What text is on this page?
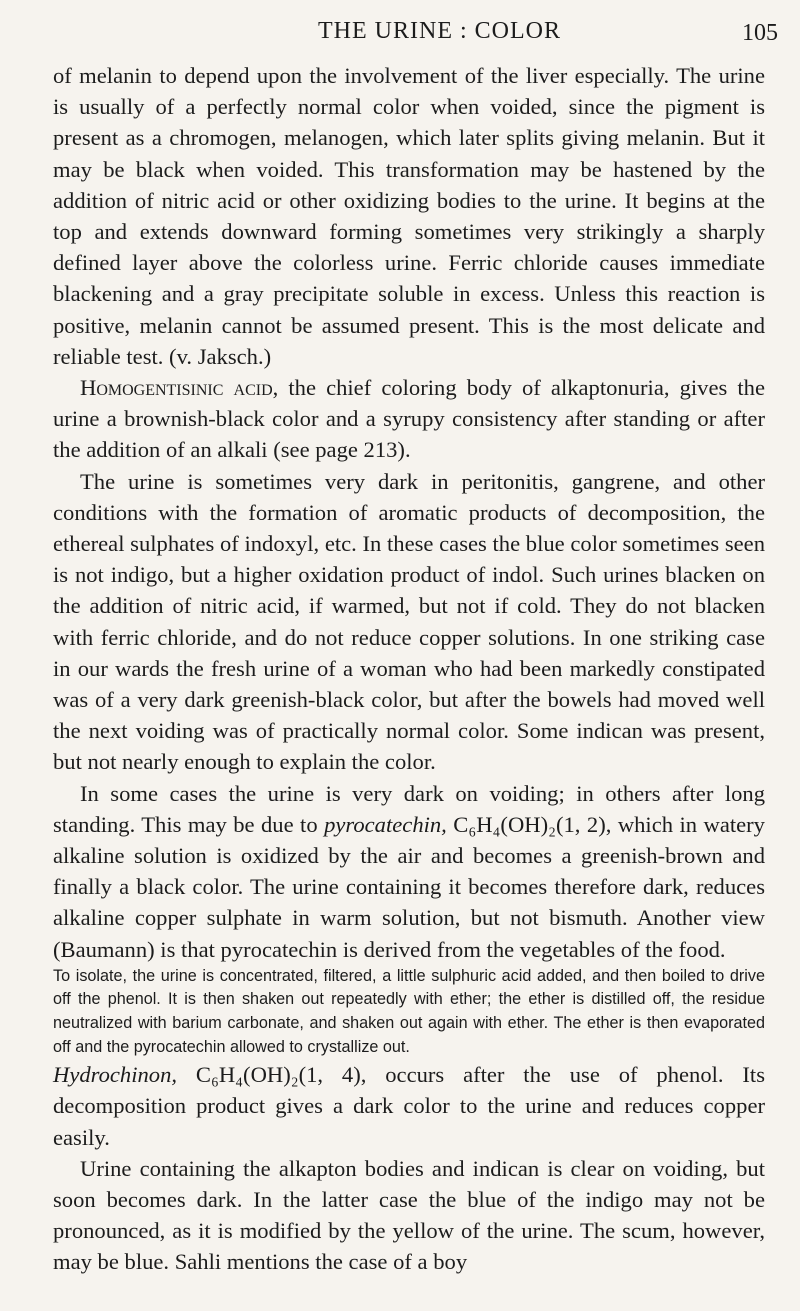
THE URINE : COLOR	105

of melanin to depend upon the involvement of the liver especially. The urine is usually of a perfectly normal color when voided, since the pigment is present as a chromogen, melanogen, which later splits giving melanin. But it may be black when voided. This transformation may be hastened by the addition of nitric acid or other oxidizing bodies to the urine. It begins at the top and extends downward forming sometimes very strikingly a sharply defined layer above the colorless urine. Ferric chloride causes immediate blackening and a gray precipitate soluble in excess. Unless this reaction is positive, melanin cannot be assumed present. This is the most delicate and reliable test. (v. Jaksch.)

Homogentisinic acid, the chief coloring body of alkaptonuria, gives the urine a brownish-black color and a syrupy consistency after standing or after the addition of an alkali (see page 213).

The urine is sometimes very dark in peritonitis, gangrene, and other conditions with the formation of aromatic products of decomposition, the ethereal sulphates of indoxyl, etc. In these cases the blue color sometimes seen is not indigo, but a higher oxidation product of indol. Such urines blacken on the addition of nitric acid, if warmed, but not if cold. They do not blacken with ferric chloride, and do not reduce copper solutions. In one striking case in our wards the fresh urine of a woman who had been markedly constipated was of a very dark greenish-black color, but after the bowels had moved well the next voiding was of practically normal color. Some indican was present, but not nearly enough to explain the color.

In some cases the urine is very dark on voiding; in others after long standing. This may be due to pyrocatechin, C₆H₄(OH)₂(1, 2), which in watery alkaline solution is oxidized by the air and becomes a greenish-brown and finally a black color. The urine containing it becomes therefore dark, reduces alkaline copper sulphate in warm solution, but not bismuth. Another view (Baumann) is that pyrocatechin is derived from the vegetables of the food.

To isolate, the urine is concentrated, filtered, a little sulphuric acid added, and then boiled to drive off the phenol. It is then shaken out repeatedly with ether; the ether is distilled off, the residue neutralized with barium carbonate, and shaken out again with ether. The ether is then evaporated off and the pyrocatechin allowed to crystallize out.

Hydrochinon, C₆H₄(OH)₂(1, 4), occurs after the use of phenol. Its decomposition product gives a dark color to the urine and reduces copper easily.

Urine containing the alkapton bodies and indican is clear on voiding, but soon becomes dark. In the latter case the blue of the indigo may not be pronounced, as it is modified by the yellow of the urine. The scum, however, may be blue. Sahli mentions the case of a boy
